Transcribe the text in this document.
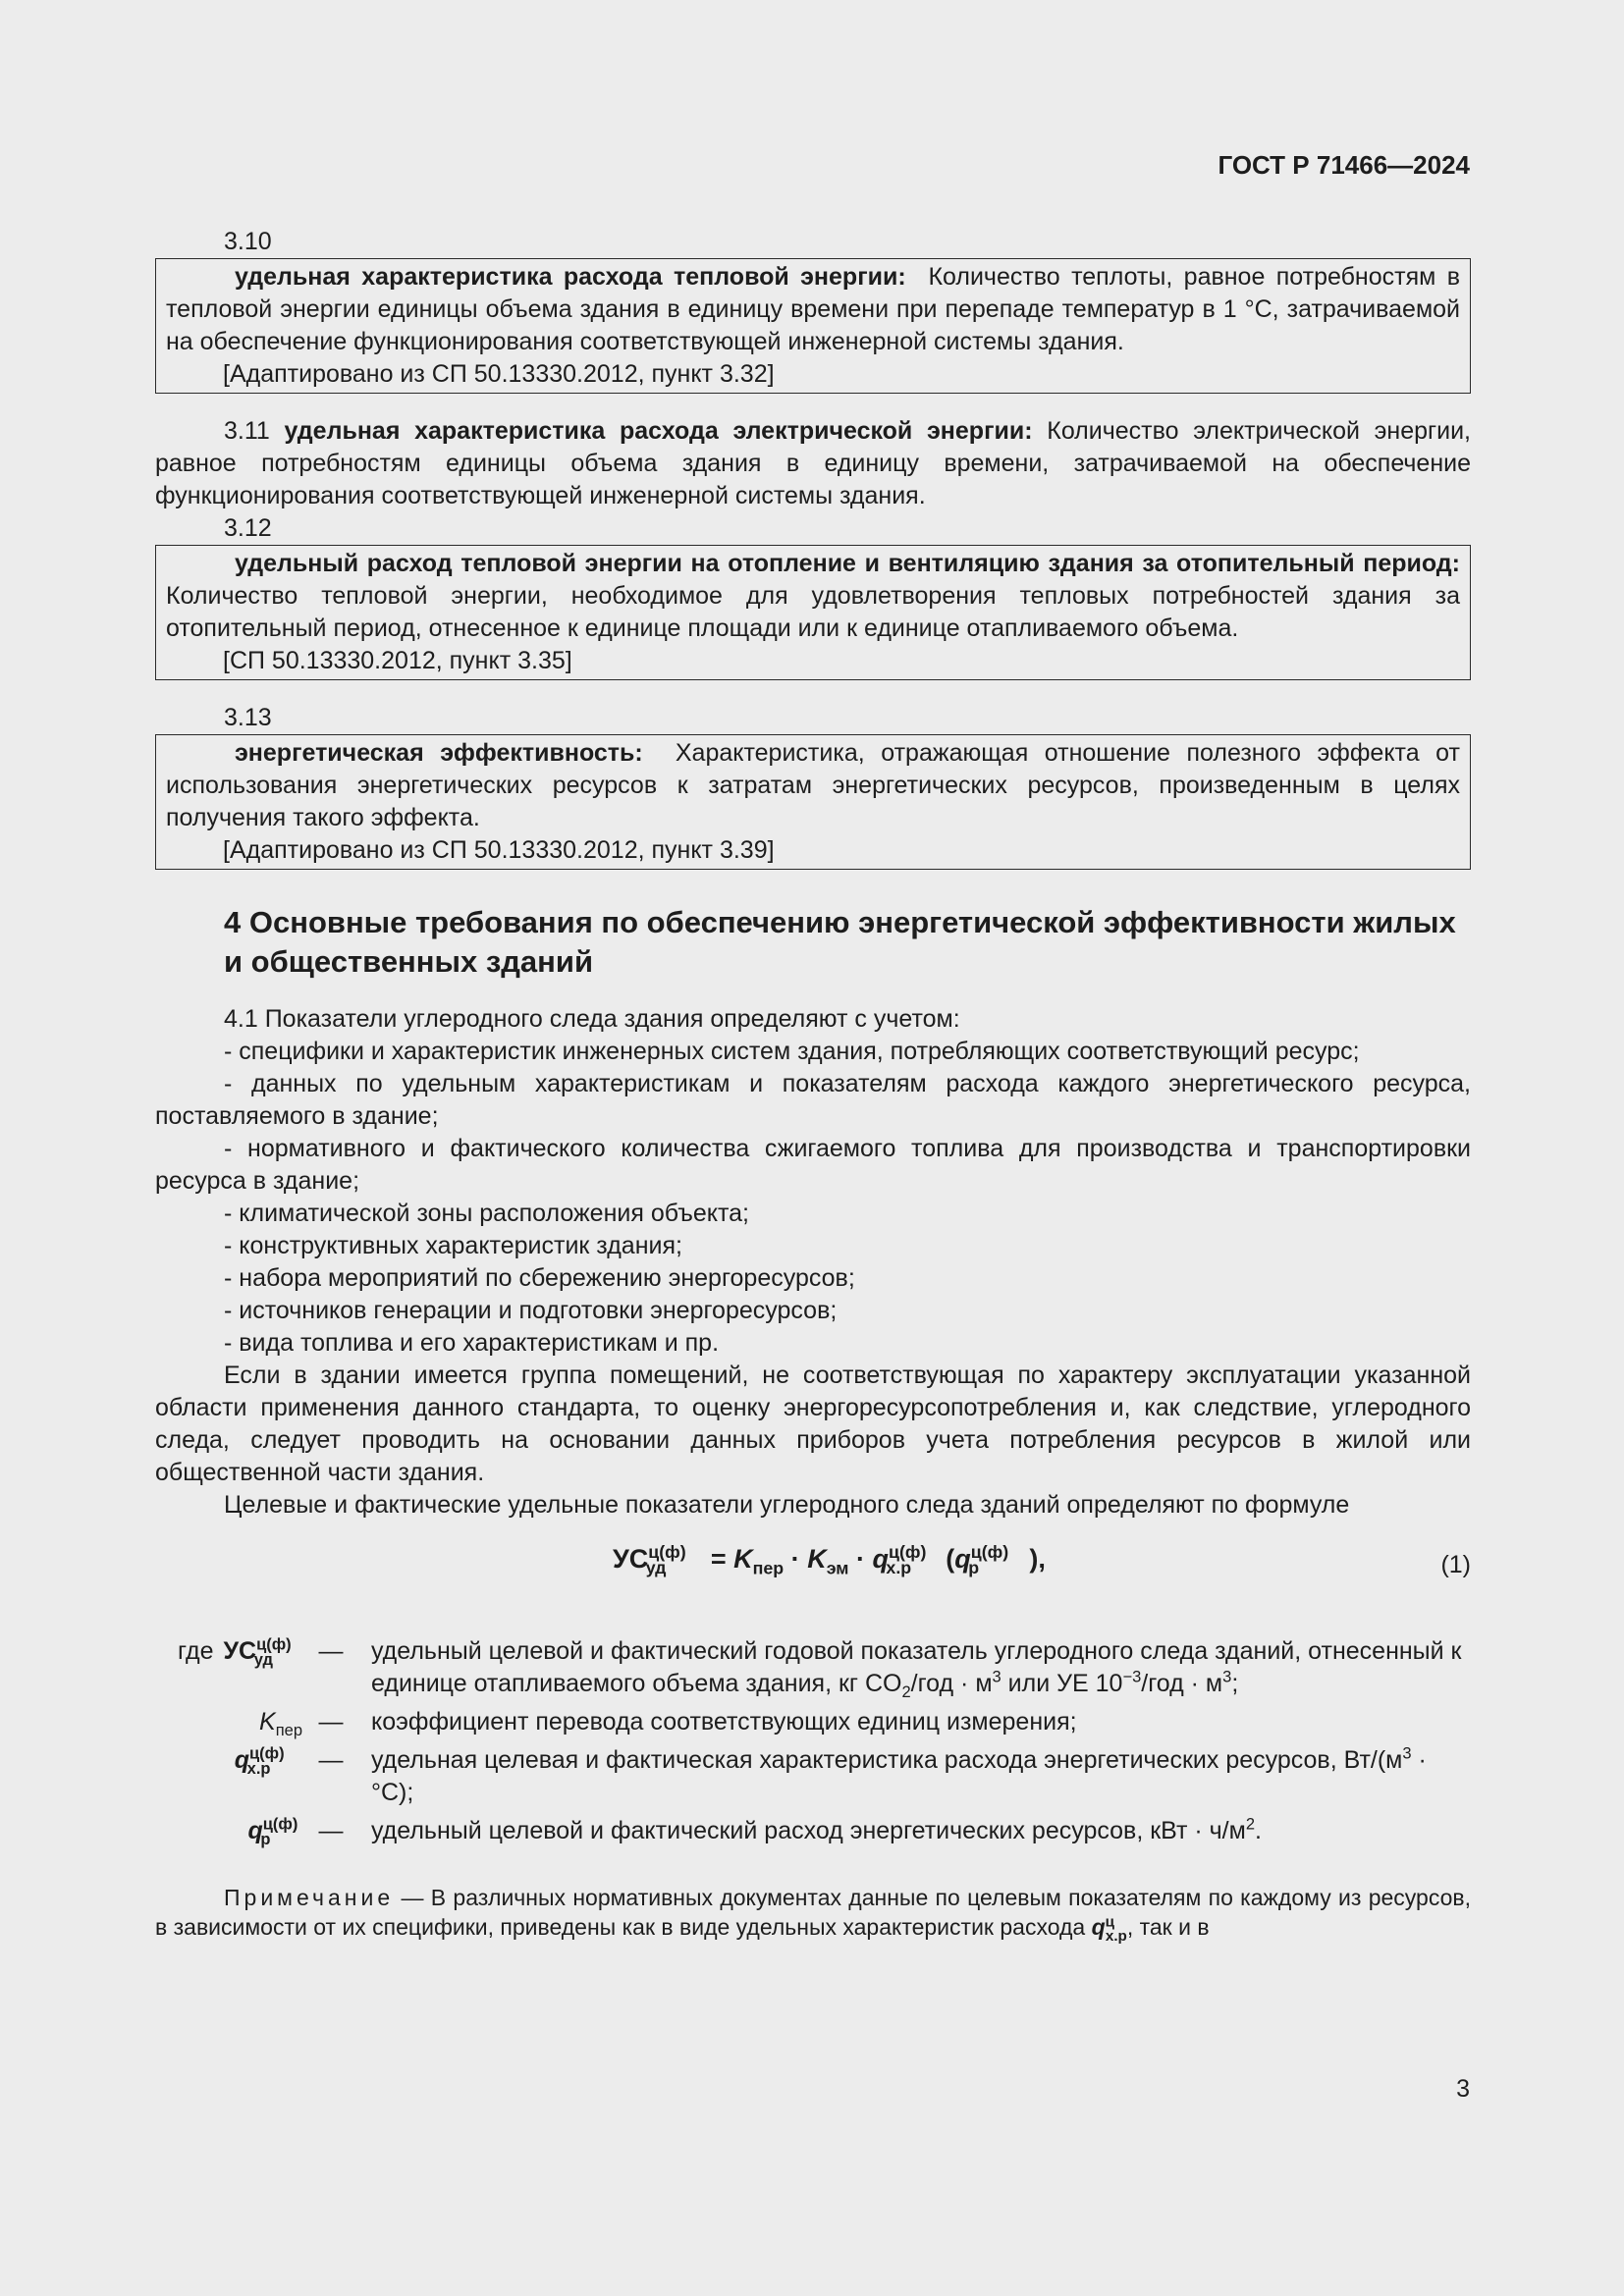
ГОСТ Р 71466—2024
3.10

удельная характеристика расхода тепловой энергии: Количество теплоты, равное потребностям в тепловой энергии единицы объема здания в единицу времени при перепаде температур в 1 °С, затрачиваемой на обеспечение функционирования соответствующей инженерной системы здания.

[Адаптировано из СП 50.13330.2012, пункт 3.32]

3.11 удельная характеристика расхода электрической энергии: Количество электрической энергии, равное потребностям единицы объема здания в единицу времени, затрачиваемой на обеспечение функционирования соответствующей инженерной системы здания.

3.12

удельный расход тепловой энергии на отопление и вентиляцию здания за отопительный период: Количество тепловой энергии, необходимое для удовлетворения тепловых потребностей здания за отопительный период, отнесенное к единице площади или к единице отапливаемого объема.

[СП 50.13330.2012, пункт 3.35]
3.13

энергетическая эффективность: Характеристика, отражающая отношение полезного эффекта от использования энергетических ресурсов к затратам энергетических ресурсов, произведенным в целях получения такого эффекта.

[Адаптировано из СП 50.13330.2012, пункт 3.39]
4 Основные требования по обеспечению энергетической эффективности жилых и общественных зданий

4.1 Показатели углеродного следа здания определяют с учетом:

- специфики и характеристик инженерных систем здания, потребляющих соответствующий ресурс;

- данных по удельным характеристикам и показателям расхода каждого энергетического ресурса, поставляемого в здание;

- нормативного и фактического количества сжигаемого топлива для производства и транспортировки ресурса в здание;

- климатической зоны расположения объекта;

- конструктивных характеристик здания;

- набора мероприятий по сбережению энергоресурсов;

- источников генерации и подготовки энергоресурсов;

- вида топлива и его характеристикам и пр.

Если в здании имеется группа помещений, не соответствующая по характеру эксплуатации указанной области применения данного стандарта, то оценку энергоресурсопотребления и, как следствие, углеродного следа, следует проводить на основании данных приборов учета потребления ресурсов в жилой или общественной части здания.

Целевые и фактические удельные показатели углеродного следа зданий определяют по формуле

$УС^{ц(ф)}_{уд} = K_{пер} \cdot K_{эм} \cdot q^{ц(ф)}_{х.р}$ ($q^{ц(ф)}_р$ ),	(1)
где $УС^{ц(ф)}_{уд}$	—	удельный целевой и фактический годовой показатель углеродного следа зданий, отнесенный к единице отапливаемого объема здания, кг $CO_2$/год · $м^3$ или УЕ $10^{-3}$/год · $м^3$;
$K_{пер}$ —	коэффициент перевода соответствующих единиц измерения;
$q^{ц(ф)}_{х.р}$	—	удельная целевая и фактическая характеристика расхода энергетических ресурсов, $Вт/(м^3 \cdot ^\circ С)$;
$q^{ц(ф)}_р$	—	удельный целевой и фактический расход энергетических ресурсов, кВт · $ч/м^2$.

Примечание — В различных нормативных документах данные по целевым показателям по каждому из ресурсов, в зависимости от их специфики, приведены как в виде удельных характеристик расхода $q^ц_{х.р}$, так и в

3
